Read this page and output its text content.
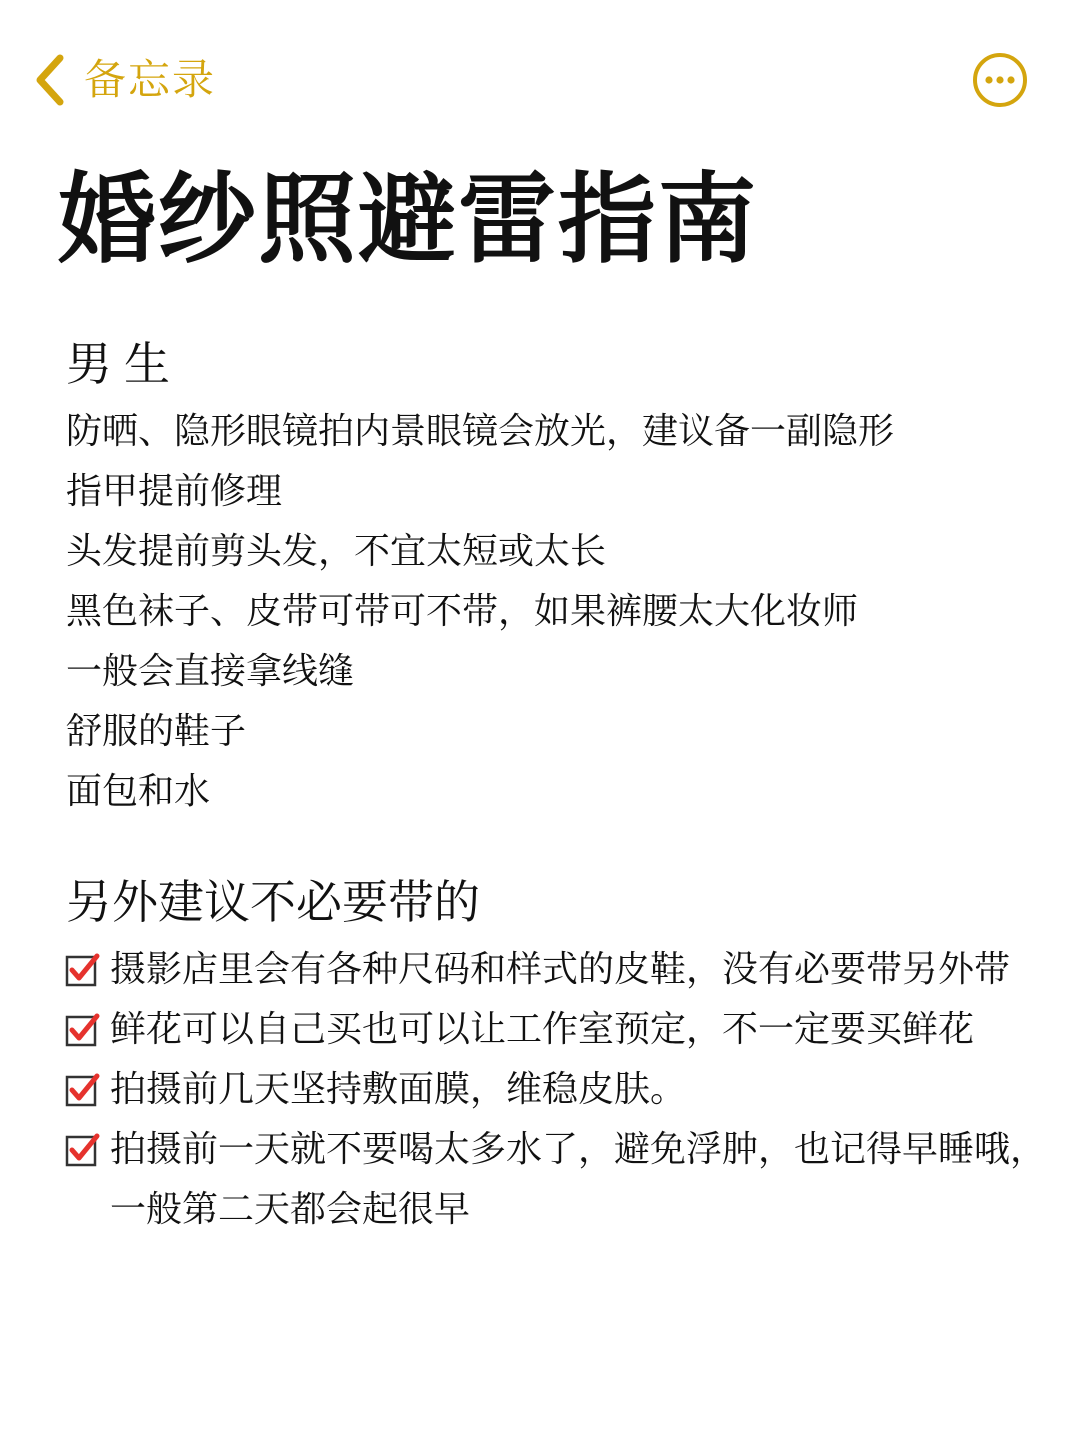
备忘录
婚纱照避雷指南
男生
防晒、隐形眼镜拍内景眼镜会放光，建议备一副隐形
指甲提前修理
头发提前剪头发，不宜太短或太长
黑色袜子、皮带可带可不带，如果裤腰太大化妆师
一般会直接拿线缝
舒服的鞋子
面包和水
另外建议不必要带的
摄影店里会有各种尺码和样式的皮鞋，没有必要带另外带
鲜花可以自己买也可以让工作室预定，不一定要买鲜花
拍摄前几天坚持敷面膜，维稳皮肤。
拍摄前一天就不要喝太多水了，避免浮肿，也记得早睡哦，一般第二天都会起很早
